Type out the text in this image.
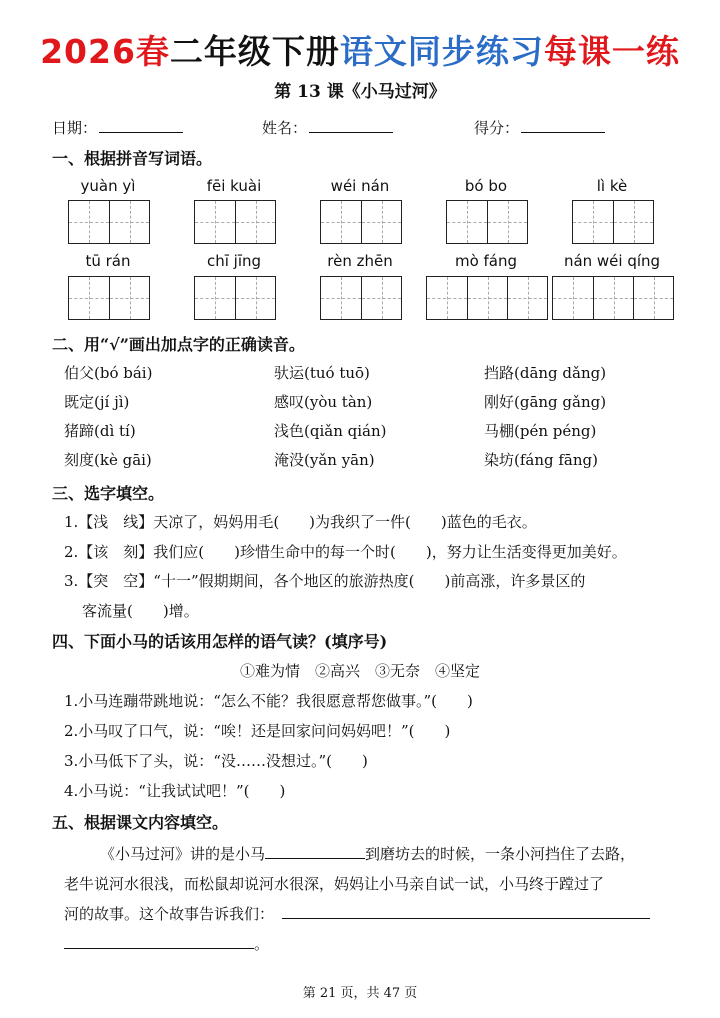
2026春二年级下册语文同步练习每课一练
第 13 课《小马过河》
日期：	姓名：	得分：
一、根据拼音写词语。
yuàn yì	fēi kuài	wéi nán	bó bo	lì kè
tū rán	chī jīng	rèn zhēn	mò fáng	nán wéi qíng
二、用“√”画出加点字的正确读音。
伯父(bó bái)	驮运(tuó tuō)	挡路(dāng dǎng)
既定(jí jì)	感叹(yòu tàn)	刚好(gāng gǎng)
猪蹄(dì tí)	浅色(qiǎn qián)	马棚(pén péng)
刻度(kè gāi)	淹没(yǎn yān)	染坊(fáng fāng)
三、选字填空。
1.【浅　线】天凉了，妈妈用毛(　　)为我织了一件(　　)蓝色的毛衣。
2.【该　刻】我们应(　　)珍惜生命中的每一个时(　　)，努力让生活变得更加美好。
3.【突　空】“十一”假期期间，各个地区的旅游热度(　　)前高涨，许多景区的
客流量(　　)增。
四、下面小马的话该用怎样的语气读？(填序号)
①难为情　②高兴　③无奈　④坚定
1.小马连蹦带跳地说：“怎么不能？我很愿意帮您做事。”(　　)
2.小马叹了口气，说：“唉！还是回家问问妈妈吧！”(　　)
3.小马低下了头，说：“没……没想过。”(　　)
4.小马说：“让我试试吧！”(　　)
五、根据课文内容填空。
《小马过河》讲的是小马	到磨坊去的时候，一条小河挡住了去路，
老牛说河水很浅，而松鼠却说河水很深，妈妈让小马亲自试一试，小马终于蹚过了
河的故事。这个故事告诉我们：
。
第 21 页，共 47 页
